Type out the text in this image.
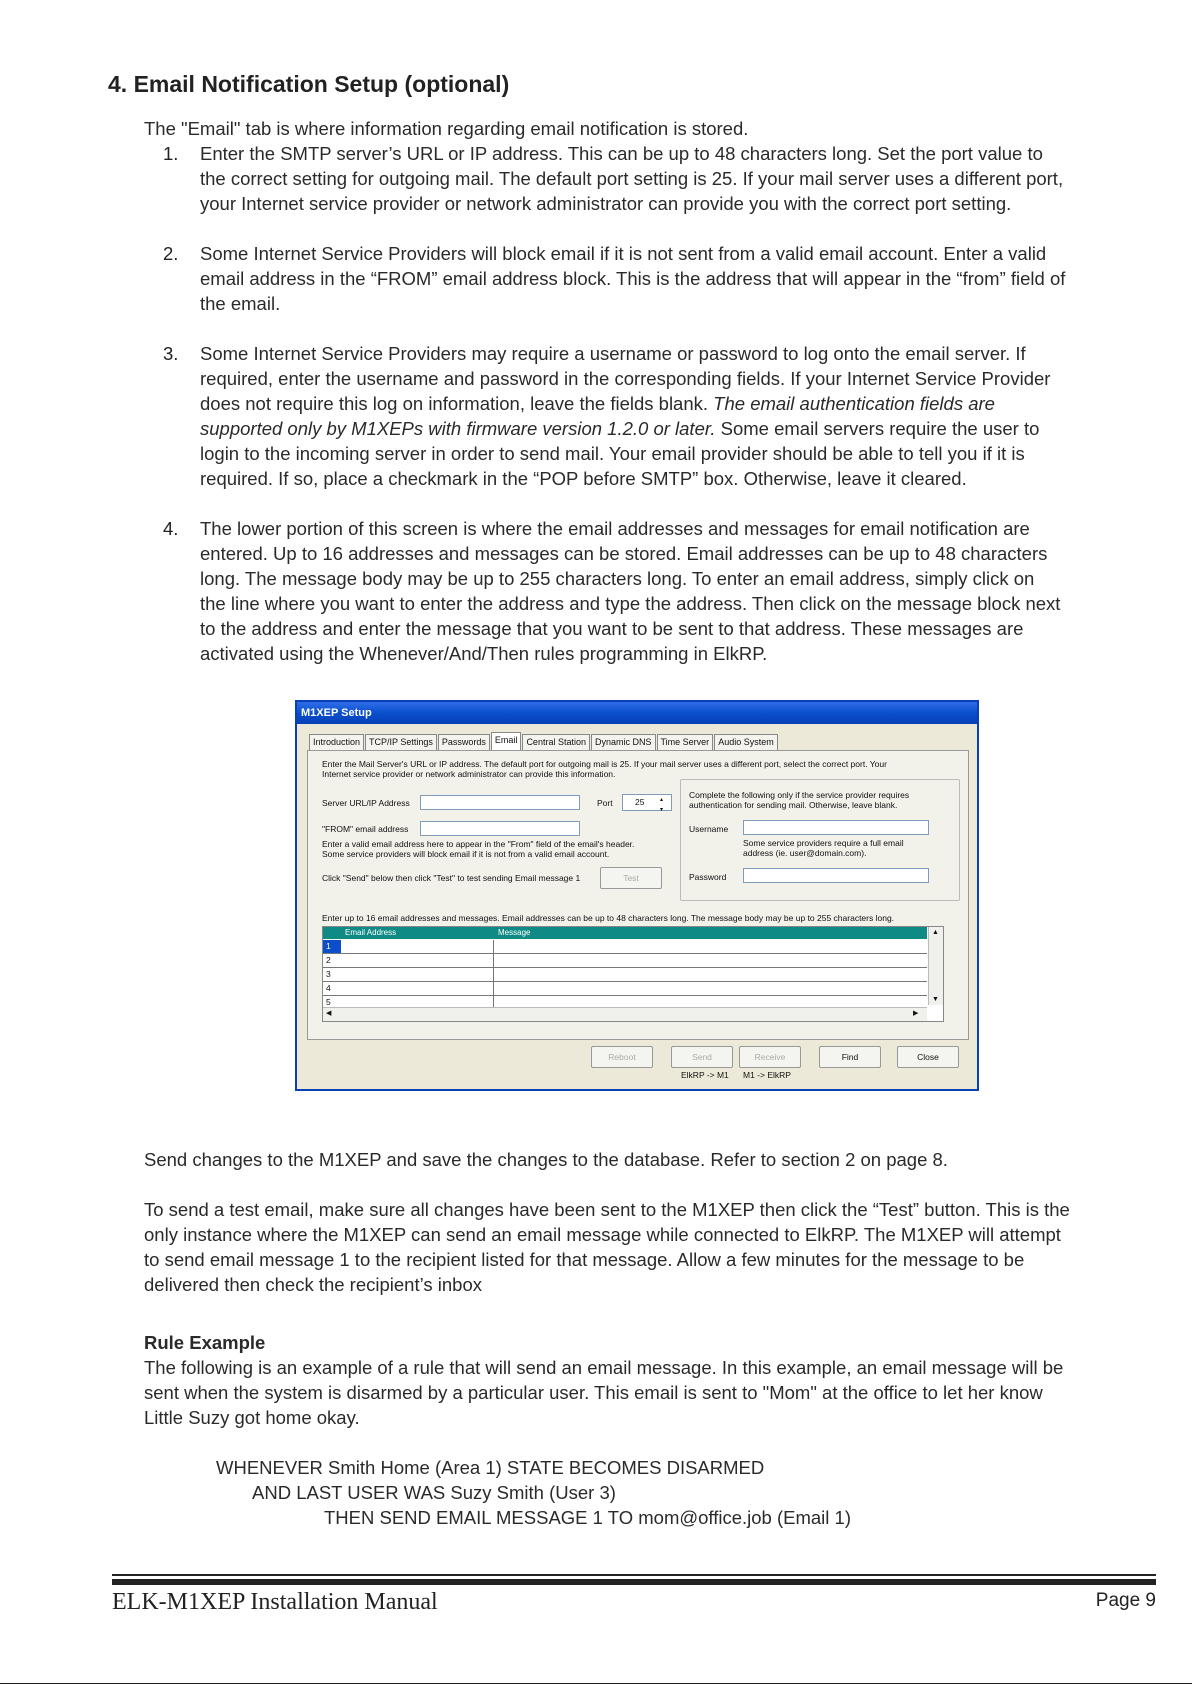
4. Email Notification Setup (optional)
The "Email" tab is where information regarding email notification is stored.
1. Enter the SMTP server’s URL or IP address. This can be up to 48 characters long. Set the port value to
the correct setting for outgoing mail. The default port setting is 25. If your mail server uses a different port,
your Internet service provider or network administrator can provide you with the correct port setting.
2. Some Internet Service Providers will block email if it is not sent from a valid email account. Enter a valid
email address in the “FROM” email address block. This is the address that will appear in the “from” field of
the email.
3. Some Internet Service Providers may require a username or password to log onto the email server. If
required, enter the username and password in the corresponding fields. If your Internet Service Provider
does not require this log on information, leave the fields blank. The email authentication fields are
supported only by M1XEPs with firmware version 1.2.0 or later. Some email servers require the user to
login to the incoming server in order to send mail. Your email provider should be able to tell you if it is
required. If so, place a checkmark in the “POP before SMTP” box. Otherwise, leave it cleared.
4. The lower portion of this screen is where the email addresses and messages for email notification are
entered. Up to 16 addresses and messages can be stored. Email addresses can be up to 48 characters
long. The message body may be up to 255 characters long. To enter an email address, simply click on
the line where you want to enter the address and type the address. Then click on the message block next
to the address and enter the message that you want to be sent to that address. These messages are
activated using the Whenever/And/Then rules programming in ElkRP.
M1XEP Setup
Introduction	TCP/IP Settings	Passwords	Email	Central Station	Dynamic DNS	Time Server	Audio System
Enter the Mail Server's URL or IP address. The default port for outgoing mail is 25. If your mail server uses a different port, select the correct port. Your
Internet service provider or network administrator can provide this information.
Server URL/IP Address	Port	25	▴
▾
"FROM" email address
Enter a valid email address here to appear in the "From" field of the email's header.
Some service providers will block email if it is not from a valid email account.
Click "Send" below then click "Test" to test sending Email message 1	Test
Complete the following only if the service provider requires
authentication for sending mail. Otherwise, leave blank.
Username
Some service providers require a full email
address (ie. user@domain.com).
Password
Enter up to 16 email addresses and messages. Email addresses can be up to 48 characters long. The message body may be up to 255 characters long.
Email Address	Message
1
2
3
4
5
▲
▼
◀	▶
Reboot	Send	Receive	Find	Close
ElkRP -> M1 M1 -> ElkRP
Send changes to the M1XEP and save the changes to the database. Refer to section 2 on page 8.
To send a test email, make sure all changes have been sent to the M1XEP then click the “Test” button. This is the
only instance where the M1XEP can send an email message while connected to ElkRP. The M1XEP will attempt
to send email message 1 to the recipient listed for that message. Allow a few minutes for the message to be
delivered then check the recipient’s inbox
Rule Example
The following is an example of a rule that will send an email message. In this example, an email message will be
sent when the system is disarmed by a particular user. This email is sent to "Mom" at the office to let her know
Little Suzy got home okay.
WHENEVER Smith Home (Area 1) STATE BECOMES DISARMED
AND LAST USER WAS Suzy Smith (User 3)
THEN SEND EMAIL MESSAGE 1 TO mom@office.job (Email 1)
ELK-M1XEP Installation Manual	Page 9
